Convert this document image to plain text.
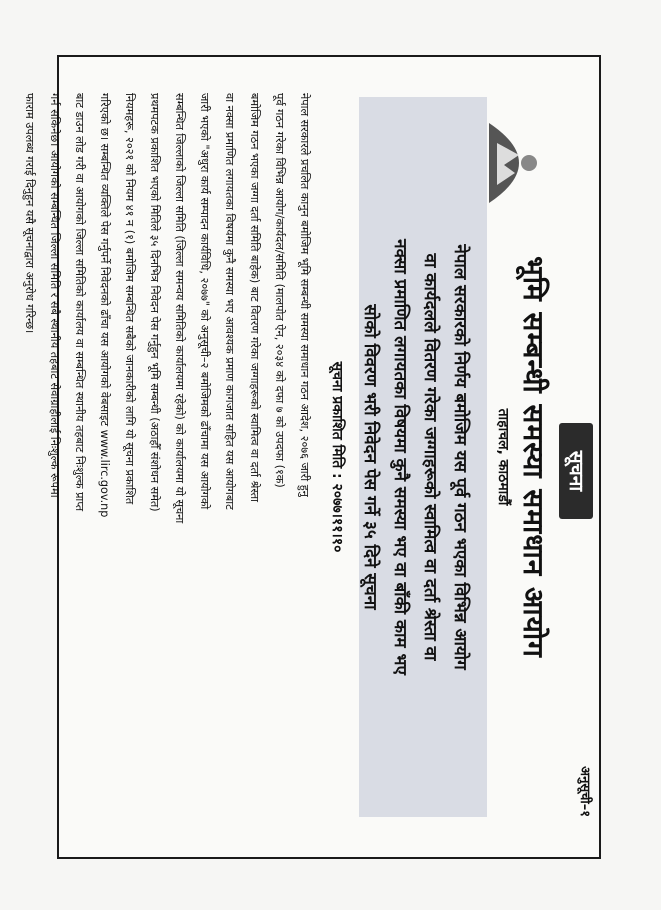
अनुसूची–१
सूचना
भूमि सम्बन्धी समस्या समाधान आयोग
ताहाचल, काठमाडौं
नेपाल सरकारको निर्णय बमोजिम यस पूर्व गठन भएका विभिन्न आयोग
वा कार्यदलले वितरण गरेका जग्गाहरूको स्वामित्व वा दर्ता श्रेस्ता वा
नक्सा प्रमाणित लगायतका विषयमा कुनै समस्या भए वा बाँकी काम भए
सोको विवरण भरी निवेदन पेस गर्ने ३५ दिने सूचना
सूचना प्रकाशित मिति : २०७७।११।१०

नेपाल सरकारले प्रचलित कानुन बमोजिम भूमि सम्बन्धी समस्या समाधान गठन आदेश, २०७६ जारी हुनु

पूर्व गठन गरेका विभिन्न आयोग/कार्यदल/समिति (मालपोत ऐन, २०३४ को दफा ७ को उपदफा (१क)

बमोजिम गठन भएका जग्गा दर्ता समिति बाहेक) बाट वितरण गरेका जग्गाहरूको स्वामित्व वा दर्ता श्रेस्ता

वा नक्सा प्रमाणित लगायतका विषयमा कुनै समस्या भए आवश्यक प्रमाण कागजात सहित यस आयोगबाट

जारी भएको "अधुरा कार्य सम्पादन कार्यविधि, २०७७" को अनुसूची–२ बमोजिमको ढाँचामा यस आयोगको

सम्बन्धित जिल्लाको जिल्ला समिति (जिल्ला समन्वय समितिको कार्यालयमा रहेको) को कार्यालयमा यो सूचना

प्रथमपटक प्रकाशित भएको मितिले ३५ दिनभित्र निवेदन पेस गर्नुहुन भूमि सम्बन्धी (अठाहौँ संशोधन समेत)

नियमहरू, २०२१ को नियम ४१ न (१) बमोजिम सम्बन्धित सबैको जानकारीको लागि यो सूचना प्रकाशित

गरिएको छ। सम्बन्धित व्यक्तिले पेस गर्नुपर्ने निवेदनको ढाँचा यस आयोगको वेबसाइट www.lirc.gov.np

बाट डाउन लोड गरी वा आयोगको जिल्ला समितिको कार्यालय वा सम्बन्धित स्थानीय तहबाट निःशुल्क प्राप्त

गर्न सकिनेछ। आयोगको सम्बन्धित जिल्ला समिति र सबै स्थानीय तहबाट सेवाग्राहीलाई निःशुल्क रूपमा

फाराम उपलब्ध गराई दिनुहुन यसै सूचनाद्वारा अनुरोध गरिन्छ।
